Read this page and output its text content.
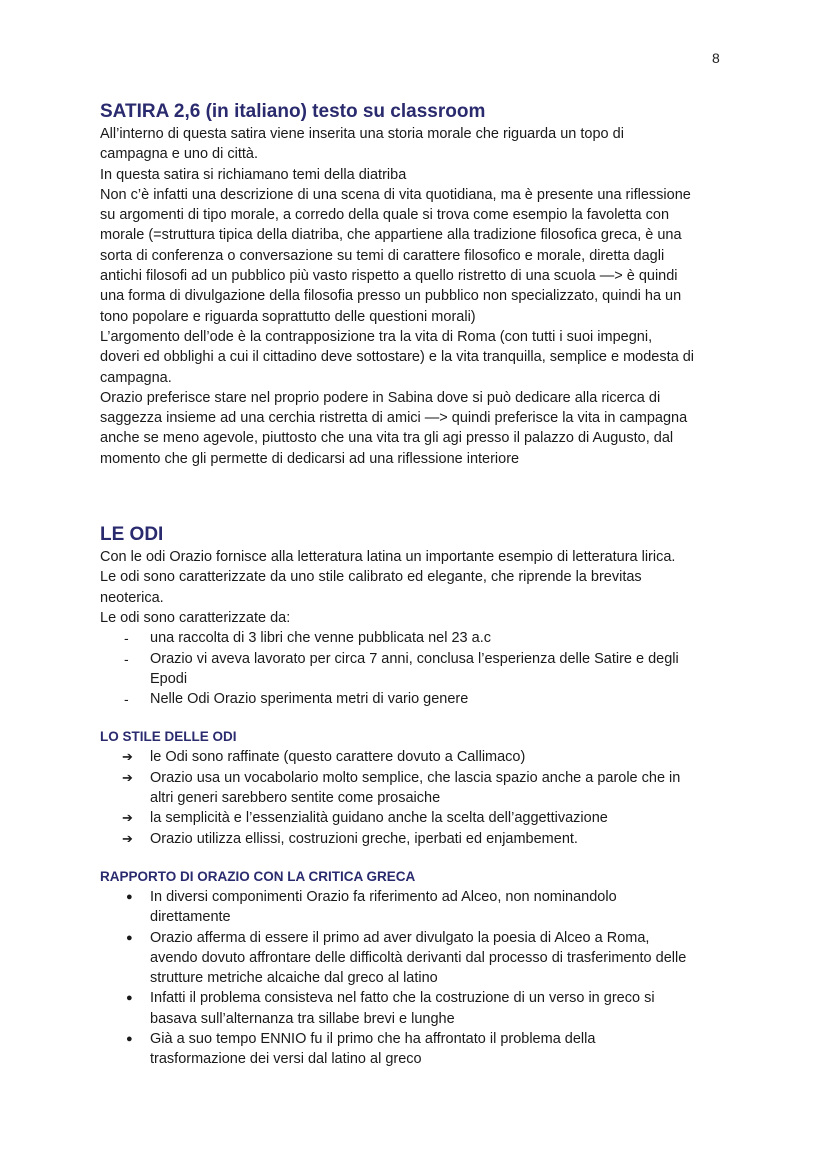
8
SATIRA 2,6 (in italiano) testo su classroom
All’interno di questa satira viene inserita una storia morale che riguarda un topo di
campagna e uno di città.
In questa satira si richiamano temi della diatriba
Non c’è infatti una descrizione di una scena di vita quotidiana, ma è presente una riflessione
su argomenti di tipo morale, a corredo della quale si trova come esempio la favoletta con
morale (=struttura tipica della diatriba, che appartiene alla tradizione filosofica greca, è una
sorta di conferenza o conversazione su temi di carattere filosofico e morale, diretta dagli
antichi filosofi ad un pubblico più vasto rispetto a quello ristretto di una scuola —> è quindi
una forma di divulgazione della filosofia presso un pubblico non specializzato, quindi ha un
tono popolare e riguarda soprattutto delle questioni morali)
L’argomento dell’ode è la contrapposizione tra la vita di Roma (con tutti i suoi impegni,
doveri ed obblighi a cui il cittadino deve sottostare) e la vita tranquilla, semplice e modesta di
campagna.
Orazio preferisce stare nel proprio podere in Sabina dove si può dedicare alla ricerca di
saggezza insieme ad una cerchia ristretta di amici —> quindi preferisce la vita in campagna
anche se meno agevole, piuttosto che una vita tra gli agi presso il palazzo di Augusto, dal
momento che gli permette di dedicarsi ad una riflessione interiore
LE ODI
Con le odi Orazio fornisce alla letteratura latina un importante esempio di letteratura lirica.
Le odi sono caratterizzate da uno stile calibrato ed elegante, che riprende la brevitas
neoterica.
Le odi sono caratterizzate da:
-	una raccolta di 3 libri che venne pubblicata nel 23 a.c
-	Orazio vi aveva lavorato per circa 7 anni, conclusa l’esperienza delle Satire e degli
Epodi
-	Nelle Odi Orazio sperimenta metri di vario genere
LO STILE DELLE ODI
➔	le Odi sono raffinate (questo carattere dovuto a Callimaco)
➔	Orazio usa un vocabolario molto semplice, che lascia spazio anche a parole che in
altri generi sarebbero sentite come prosaiche
➔	la semplicità e l’essenzialità guidano anche la scelta dell’aggettivazione
➔	Orazio utilizza ellissi, costruzioni greche, iperbati ed enjambement.
RAPPORTO DI ORAZIO CON LA CRITICA GRECA
●	In diversi componimenti Orazio fa riferimento ad Alceo, non nominandolo
direttamente
●	Orazio afferma di essere il primo ad aver divulgato la poesia di Alceo a Roma,
avendo dovuto affrontare delle difficoltà derivanti dal processo di trasferimento delle
strutture metriche alcaiche dal greco al latino
●	Infatti il problema consisteva nel fatto che la costruzione di un verso in greco si
basava sull’alternanza tra sillabe brevi e lunghe
●	Già a suo tempo ENNIO fu il primo che ha affrontato il problema della
trasformazione dei versi dal latino al greco
